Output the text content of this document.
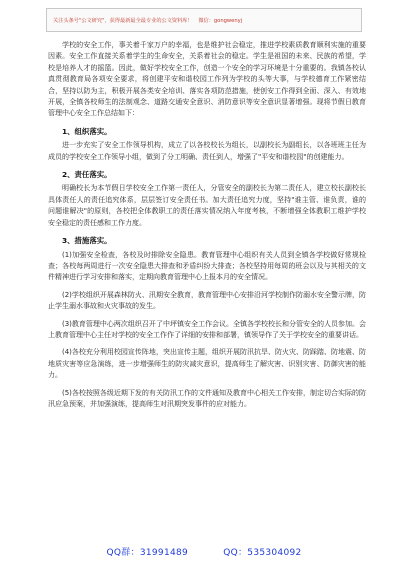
关注头条号"公文研究"，获得最新最全最专业的公文资料库！ 微信：gongwenyj

学校的安全工作，事关着千家万户的幸福，也是维护社会稳定，推进学校素质教育顺利实施的重要因素。安全工作直接关系着学生的生命安全，关系着社会的稳定。学生是祖国的未来、民族的希望，学校是培养人才的摇篮。因此，做好学校安全工作，创造一个安全的学习环境是十分重要的。我镇各校认真贯彻教育局各项安全要求，将创建平安和谐校园工作列为学校的头等大事，与学校德育工作紧密结合，坚持以防为主，积极开展各类安全培训、落实各项防范措施，使创安工作得到全面、深入、有效地开展，全镇各校师生的法制观念、道路交通安全意识、消防意识等安全意识显著增强。现将节假日教育管理中心安全工作总结如下：

1、组织落实。

进一步充实了安全工作领导机构，成立了以各校校长为组长，以副校长为副组长，以各班班主任为成员的学校安全工作领导小组，做到了分工明确、责任到人，增强了"平安和谐校园"的创建能力。

2、责任落实。

明确校长为本节假日学校安全工作第一责任人，分管安全的副校长为第二责任人，建立校长副校长具体责任人的责任追究体系，层层签订安全责任书。加大责任追究力度，坚持"谁主管、谁负责，谁的问题谁解决"的原则，各校把全体教职工的责任落实情况纳入年度考核，不断增强全体教职工维护学校安全稳定的责任感和工作力度。

3、措施落实。

(1)加强安全检查，各校及时排除安全隐患。教育管理中心组织有关人员到全镇各学校做好常规检查；各校每两周进行一次安全隐患大排查和矛盾纠纷大排查；各校坚持用每周的班会以及与其相关的文件精神进行学习安排和落实，定期向教育管理中心上报本月的安全情况。

(2)学校组织开展森林防火、汛期安全教育，教育管理中心安排沿河学校制作防溺水安全警示牌，防止学生溺水事故和火灾事故的发生。

(3)教育管理中心两次组织召开了中坪镇安全工作会议。全镇各学校校长和分管安全的人员参加。会上教育管理中心主任对学校的安全工作作了详细的安排和部署，镇领导作了关于学校安全的重要讲话。

(4)各校充分利用校园宣传阵地，突出宣传主题，组织开展防汛抗旱、防火灾、防踩踏、防地震、防地质灾害等应急演练，进一步增强师生的防灾减灾意识，提高师生了解灾害、识别灾害、防御灾害的能力。

(5)各校按照各级近期下发的有关防汛工作的文件通知及教育中心相关工作安排，制定切合实际的防汛应急预案，并加强演练，提高师生对汛期突发事件的应对能力。

QQ群：31991489	QQ：535304092
